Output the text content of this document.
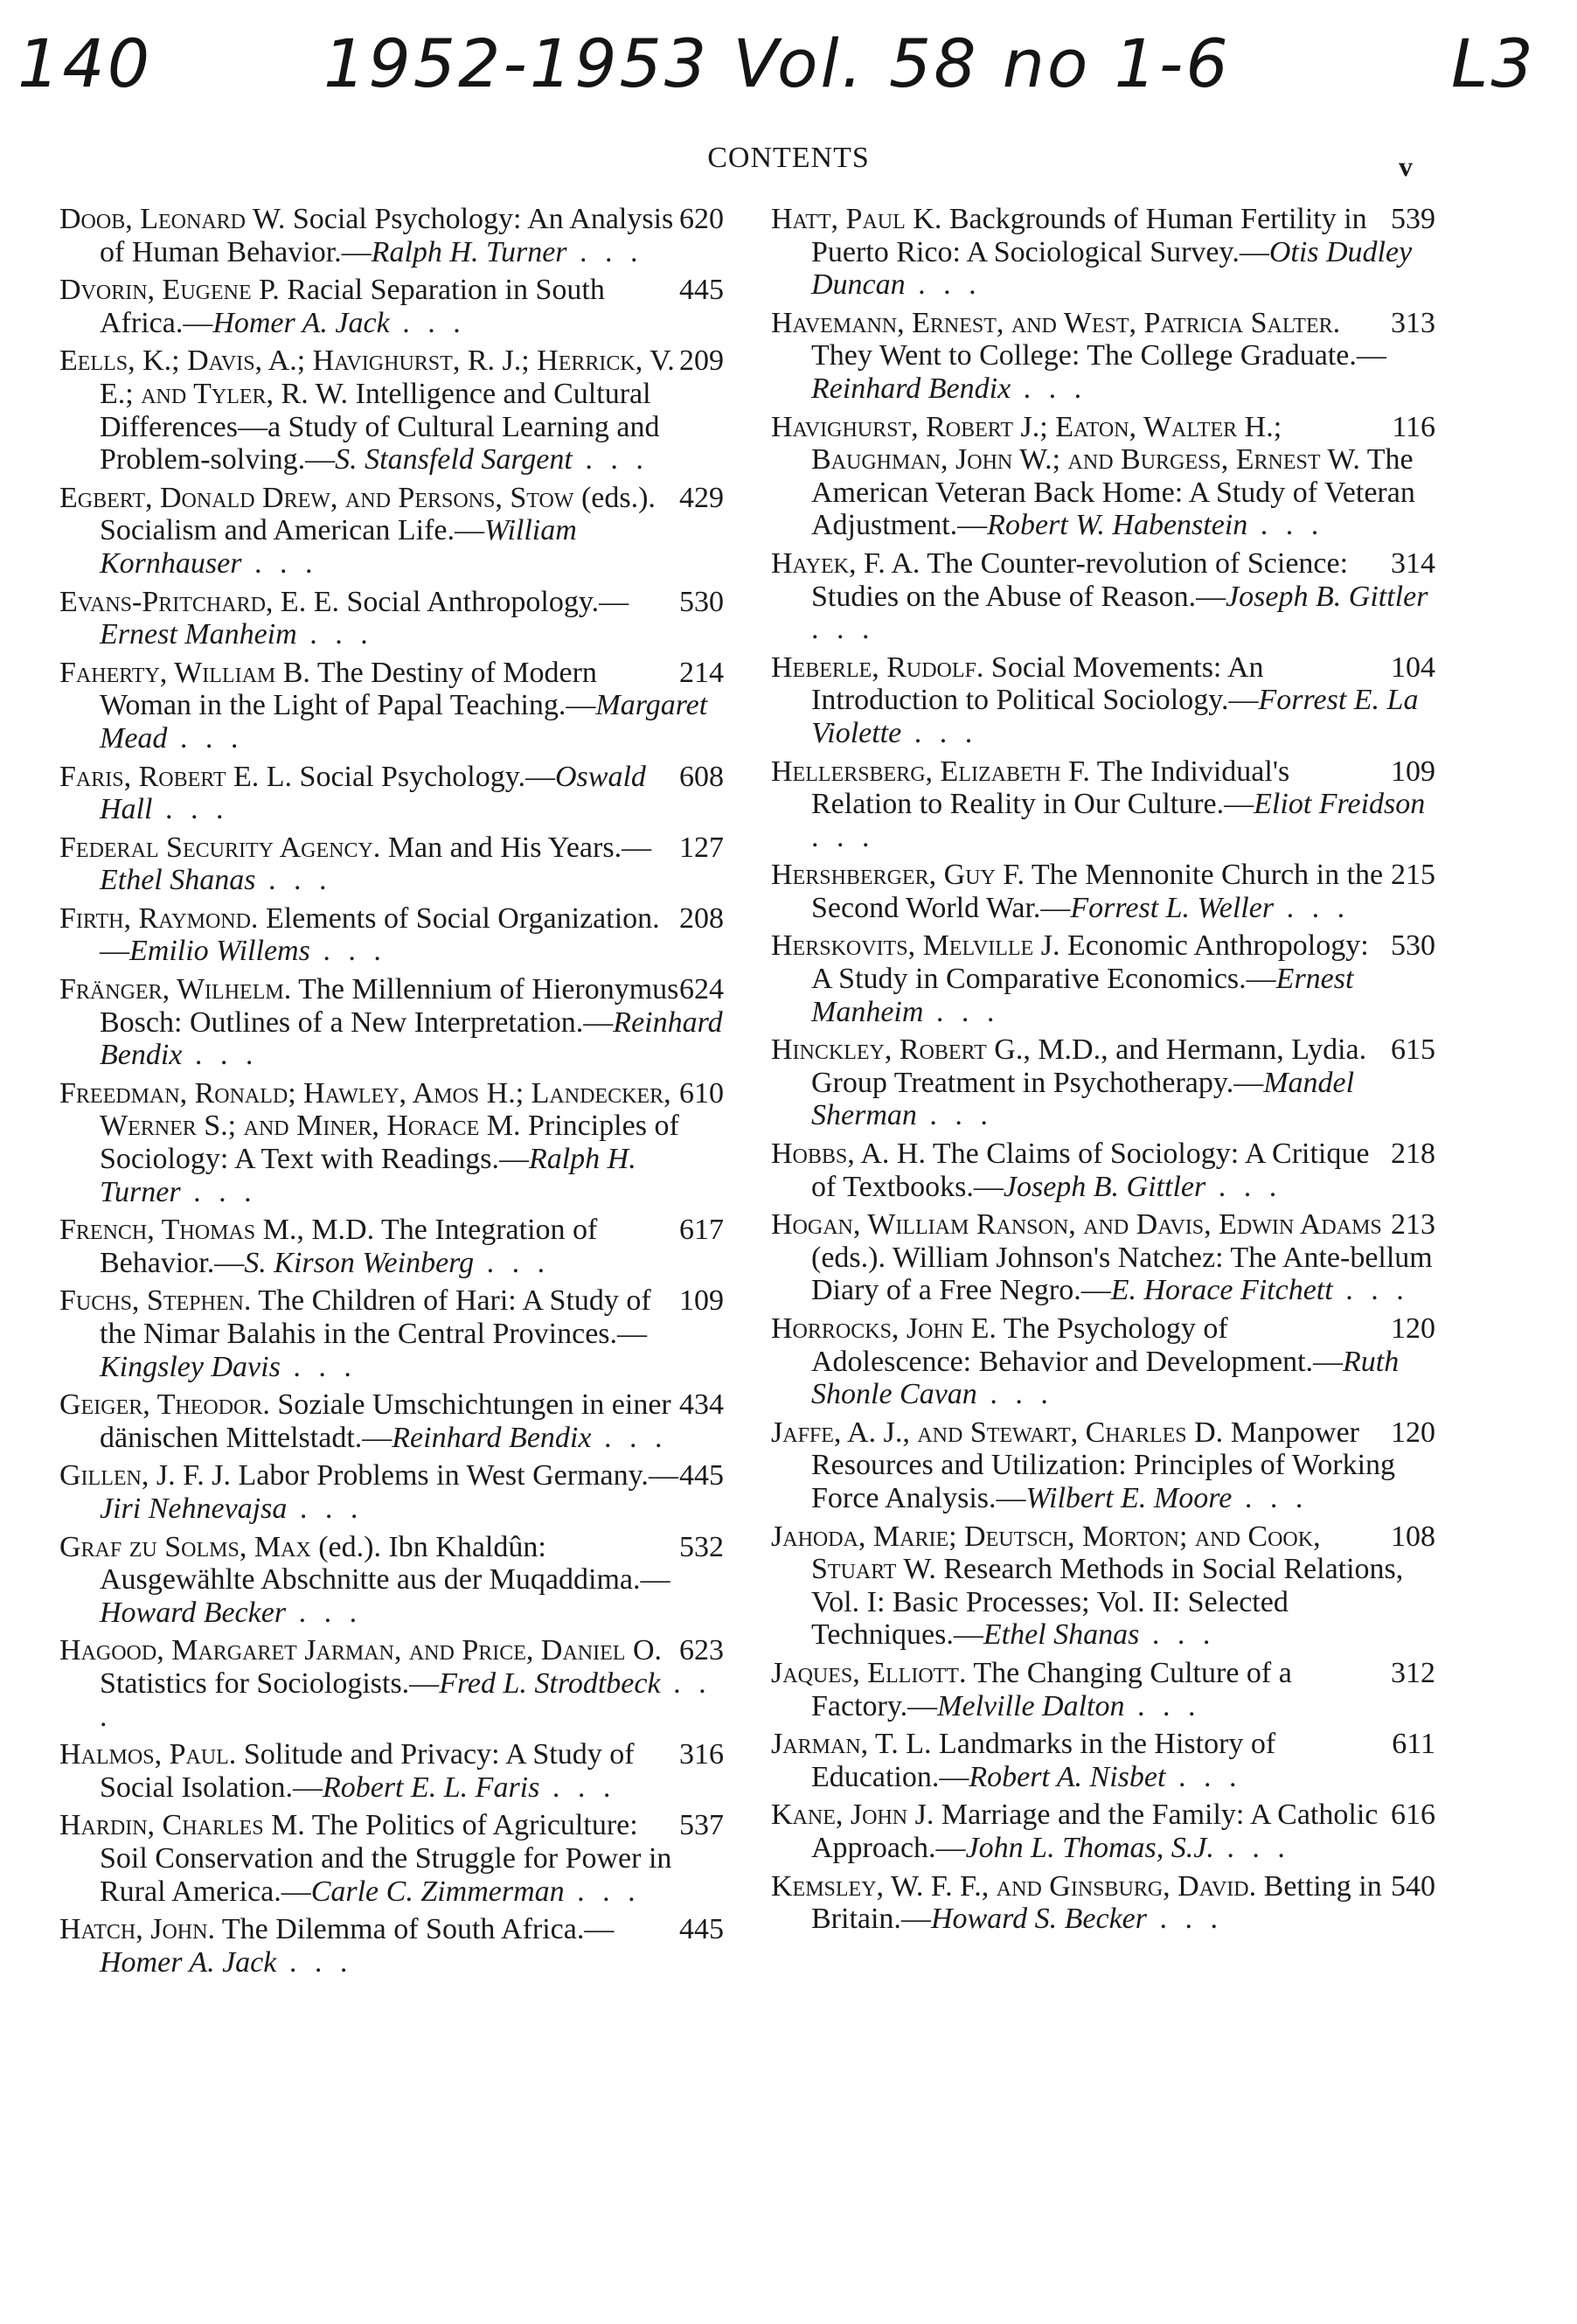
140	1952-1953 Vol. 58 no 1-6	L3
CONTENTS	v

620
Doob, Leonard W. Social Psychology: An Analysis of Human Behavior.—Ralph H. Turner . . .

445
Dvorin, Eugene P. Racial Separation in South Africa.—Homer A. Jack . . .

209
Eells, K.; Davis, A.; Havighurst, R. J.; Herrick, V. E.; and Tyler, R. W. Intelligence and Cultural Differences—a Study of Cultural Learning and Problem-solving.—S. Stansfeld Sargent . . .

429
Egbert, Donald Drew, and Persons, Stow (eds.). Socialism and American Life.—William Kornhauser . . .

530
Evans-Pritchard, E. E. Social Anthropology.—Ernest Manheim . . .

214
Faherty, William B. The Destiny of Modern Woman in the Light of Papal Teaching.—Margaret Mead . . .

608
Faris, Robert E. L. Social Psychology.—Oswald Hall . . .

127
Federal Security Agency. Man and His Years.—Ethel Shanas . . .

208
Firth, Raymond. Elements of Social Organization.—Emilio Willems . . .

624
Fränger, Wilhelm. The Millennium of Hieronymus Bosch: Outlines of a New Interpretation.—Reinhard Bendix . . .

610
Freedman, Ronald; Hawley, Amos H.; Landecker, Werner S.; and Miner, Horace M. Principles of Sociology: A Text with Readings.—Ralph H. Turner . . .

617
French, Thomas M., M.D. The Integration of Behavior.—S. Kirson Weinberg . . .

109
Fuchs, Stephen. The Children of Hari: A Study of the Nimar Balahis in the Central Provinces.—Kingsley Davis . . .

434
Geiger, Theodor. Soziale Umschichtungen in einer dänischen Mittelstadt.—Reinhard Bendix . . .

445
Gillen, J. F. J. Labor Problems in West Germany.—Jiri Nehnevajsa . . .

532
Graf zu Solms, Max (ed.). Ibn Khaldûn: Ausgewählte Abschnitte aus der Muqaddima.—Howard Becker . . .

623
Hagood, Margaret Jarman, and Price, Daniel O. Statistics for Sociologists.—Fred L. Strodtbeck . . .

316
Halmos, Paul. Solitude and Privacy: A Study of Social Isolation.—Robert E. L. Faris . . .

537
Hardin, Charles M. The Politics of Agriculture: Soil Conservation and the Struggle for Power in Rural America.—Carle C. Zimmerman . . .

445
Hatch, John. The Dilemma of South Africa.—Homer A. Jack . . .

539
Hatt, Paul K. Backgrounds of Human Fertility in Puerto Rico: A Sociological Survey.—Otis Dudley Duncan . . .

313
Havemann, Ernest, and West, Patricia Salter. They Went to College: The College Graduate.—Reinhard Bendix . . .

116
Havighurst, Robert J.; Eaton, Walter H.; Baughman, John W.; and Burgess, Ernest W. The American Veteran Back Home: A Study of Veteran Adjustment.—Robert W. Habenstein . . .

314
Hayek, F. A. The Counter-revolution of Science: Studies on the Abuse of Reason.—Joseph B. Gittler . . .

104
Heberle, Rudolf. Social Movements: An Introduction to Political Sociology.—Forrest E. La Violette . . .

109
Hellersberg, Elizabeth F. The Individual's Relation to Reality in Our Culture.—Eliot Freidson . . .

215
Hershberger, Guy F. The Mennonite Church in the Second World War.—Forrest L. Weller . . .

530
Herskovits, Melville J. Economic Anthropology: A Study in Comparative Economics.—Ernest Manheim . . .

615
Hinckley, Robert G., M.D., and Hermann, Lydia. Group Treatment in Psychotherapy.—Mandel Sherman . . .

218
Hobbs, A. H. The Claims of Sociology: A Critique of Textbooks.—Joseph B. Gittler . . .

213
Hogan, William Ranson, and Davis, Edwin Adams (eds.). William Johnson's Natchez: The Ante-bellum Diary of a Free Negro.—E. Horace Fitchett . . .

120
Horrocks, John E. The Psychology of Adolescence: Behavior and Development.—Ruth Shonle Cavan . . .

120
Jaffe, A. J., and Stewart, Charles D. Manpower Resources and Utilization: Principles of Working Force Analysis.—Wilbert E. Moore . . .

108
Jahoda, Marie; Deutsch, Morton; and Cook, Stuart W. Research Methods in Social Relations, Vol. I: Basic Processes; Vol. II: Selected Techniques.—Ethel Shanas . . .

312
Jaques, Elliott. The Changing Culture of a Factory.—Melville Dalton . . .

611
Jarman, T. L. Landmarks in the History of Education.—Robert A. Nisbet . . .

616
Kane, John J. Marriage and the Family: A Catholic Approach.—John L. Thomas, S.J. . . .

540
Kemsley, W. F. F., and Ginsburg, David. Betting in Britain.—Howard S. Becker . . .
